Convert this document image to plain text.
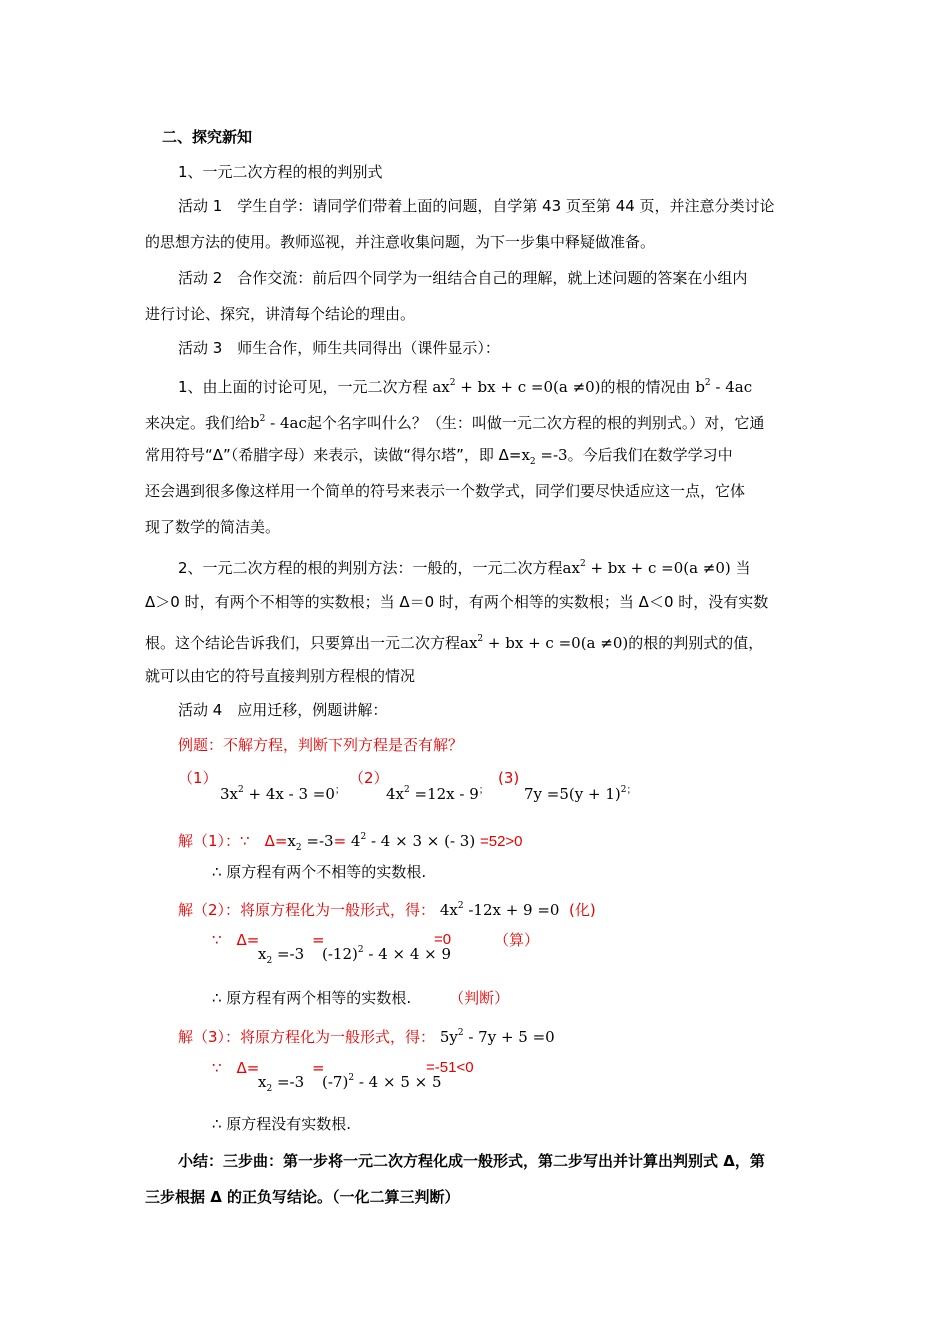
二、探究新知
1、一元二次方程的根的判别式
活动 1　学生自学：请同学们带着上面的问题，自学第 43 页至第 44 页，并注意分类讨论
的思想方法的使用。教师巡视，并注意收集问题，为下一步集中释疑做准备。
活动 2　合作交流：前后四个同学为一组结合自己的理解，就上述问题的答案在小组内
进行讨论、探究，讲清每个结论的理由。
活动 3　师生合作，师生共同得出（课件显示）：
1、由上面的讨论可见，一元二次方程 $ax^2$ + bx + c =0(a ≠0)的根的情况由 $b^2 - 4ac$
来决定。我们给$b^2 - 4ac$起个名字叫什么？（生：叫做一元二次方程的根的判别式。）对，它通
常用符号“Δ”（希腊字母）来表示，读做“得尔塔”，即 $\Delta=x_2 =-3$。今后我们在数学学习中
还会遇到很多像这样用一个简单的符号来表示一个数学式，同学们要尽快适应这一点，它体
现了数学的简洁美。
2、一元二次方程的根的判别方法：一般的，一元二次方程$ax^2$ + bx + c =0(a ≠0) 当
Δ＞0 时，有两个不相等的实数根；当 Δ＝0 时，有两个相等的实数根；当 Δ＜0 时，没有实数
根。这个结论告诉我们，只要算出一元二次方程$ax^2$ + bx + c =0(a ≠0)的根的判别式的值，
就可以由它的符号直接判别方程根的情况
活动 4　应用迁移，例题讲解：
例题：不解方程，判断下列方程是否有解？
（1）
$3x^2 + 4x - 3 =0^;$
（2）
$4x^2 =12x - 9^;$
(3)
$7y =5(y + 1)^{2;}$
解（1）：∵　$\Delta=x_2 =-3= 4^2 - 4 \times 3$ × (- 3) =52>0
∴ 原方程有两个不相等的实数根.
解（2）：将原方程化为一般形式，得： $4x^2$ -12x + 9 =0 (化)
∵　Δ=
$x_2 =-3$
=
$(-12)^2 - 4 \times 4 \times 9$
=0	（算）
∴ 原方程有两个相等的实数根.	（判断）
解（3）：将原方程化为一般形式，得： $5y^2 - 7y + 5 =0$
∵　Δ=
$x_2 =-3$
=
$(-7)^2 - 4 \times 5 \times 5$
=-51<0
∴ 原方程没有实数根.
小结：三步曲：第一步将一元二次方程化成一般形式，第二步写出并计算出判别式 Δ，第
三步根据 Δ 的正负写结论。（一化二算三判断）
